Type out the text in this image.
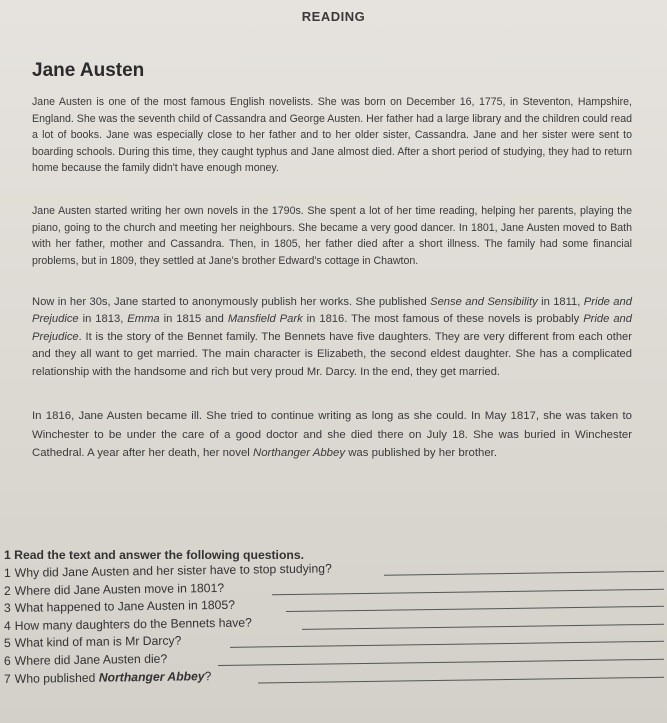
READING
Jane Austen
Jane Austen is one of the most famous English novelists. She was born on December 16, 1775, in Steventon, Hampshire, England. She was the seventh child of Cassandra and George Austen. Her father had a large library and the children could read a lot of books. Jane was especially close to her father and to her older sister, Cassandra. Jane and her sister were sent to boarding schools. During this time, they caught typhus and Jane almost died. After a short period of studying, they had to return home because the family didn't have enough money.
Jane Austen started writing her own novels in the 1790s. She spent a lot of her time reading, helping her parents, playing the piano, going to the church and meeting her neighbours. She became a very good dancer. In 1801, Jane Austen moved to Bath with her father, mother and Cassandra. Then, in 1805, her father died after a short illness. The family had some financial problems, but in 1809, they settled at Jane's brother Edward's cottage in Chawton.
Now in her 30s, Jane started to anonymously publish her works. She published Sense and Sensibility in 1811, Pride and Prejudice in 1813, Emma in 1815 and Mansfield Park in 1816. The most famous of these novels is probably Pride and Prejudice. It is the story of the Bennet family. The Bennets have five daughters. They are very different from each other and they all want to get married. The main character is Elizabeth, the second eldest daughter. She has a complicated relationship with the handsome and rich but very proud Mr. Darcy. In the end, they get married.
In 1816, Jane Austen became ill. She tried to continue writing as long as she could. In May 1817, she was taken to Winchester to be under the care of a good doctor and she died there on July 18. She was buried in Winchester Cathedral. A year after her death, her novel Northanger Abbey was published by her brother.
1 Read the text and answer the following questions.
1 Why did Jane Austen and her sister have to stop studying?
2 Where did Jane Austen move in 1801?
3 What happened to Jane Austen in 1805?
4 How many daughters do the Bennets have?
5 What kind of man is Mr Darcy?
6 Where did Jane Austen die?
7 Who published Northanger Abbey?
